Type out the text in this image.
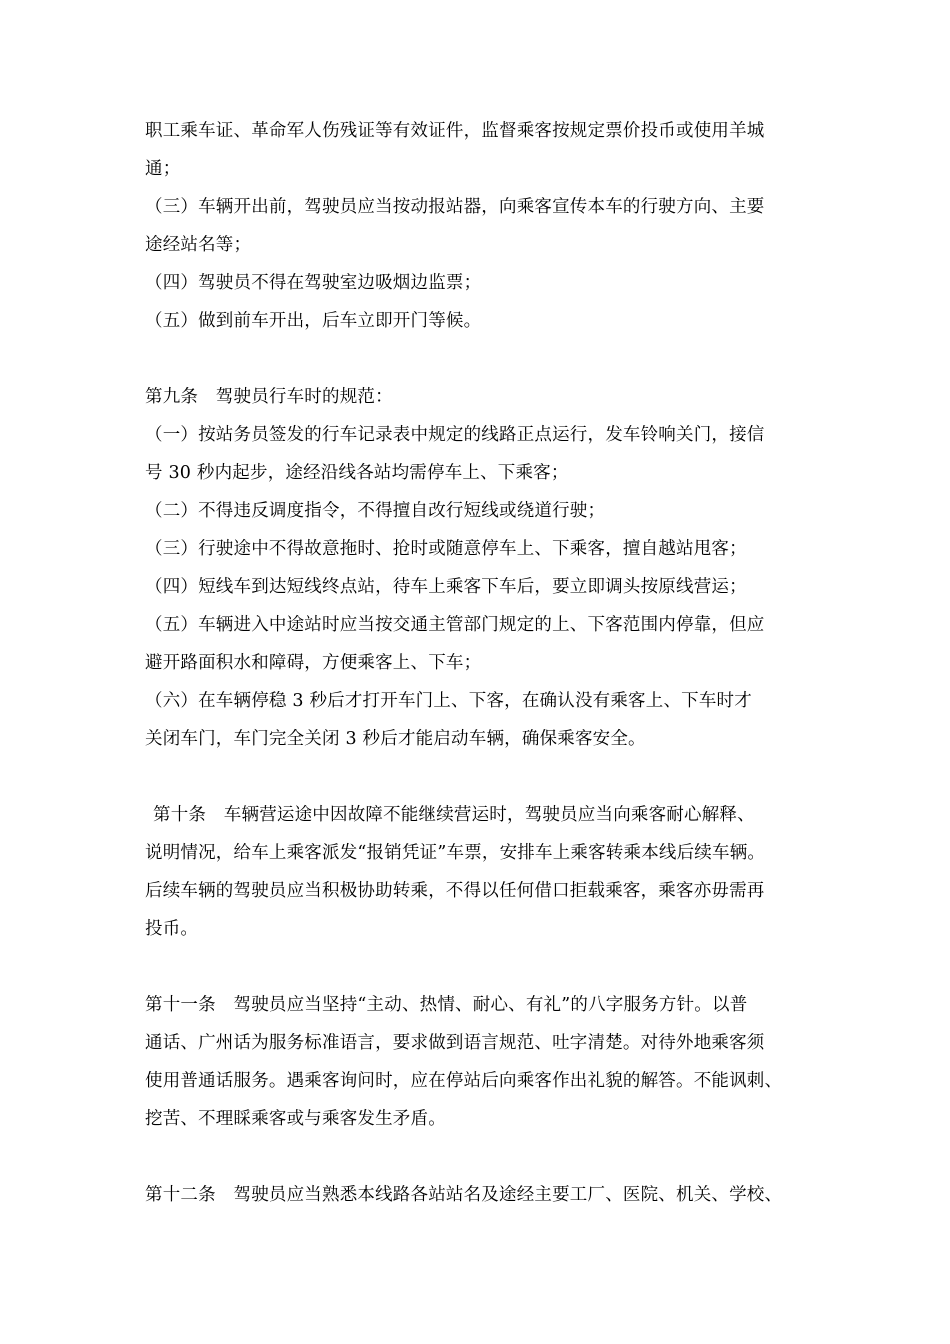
职工乘车证、革命军人伤残证等有效证件，监督乘客按规定票价投币或使用羊城
通；
（三）车辆开出前，驾驶员应当按动报站器，向乘客宣传本车的行驶方向、主要
途经站名等；
（四）驾驶员不得在驾驶室边吸烟边监票；
（五）做到前车开出，后车立即开门等候。
第九条　驾驶员行车时的规范：
（一）按站务员签发的行车记录表中规定的线路正点运行，发车铃响关门，接信
号 30 秒内起步，途经沿线各站均需停车上、下乘客；
（二）不得违反调度指令，不得擅自改行短线或绕道行驶；
（三）行驶途中不得故意拖时、抢时或随意停车上、下乘客，擅自越站甩客；
（四）短线车到达短线终点站，待车上乘客下车后，要立即调头按原线营运；
（五）车辆进入中途站时应当按交通主管部门规定的上、下客范围内停靠，但应
避开路面积水和障碍，方便乘客上、下车；
（六）在车辆停稳 3 秒后才打开车门上、下客，在确认没有乘客上、下车时才
关闭车门，车门完全关闭 3 秒后才能启动车辆，确保乘客安全。
第十条　车辆营运途中因故障不能继续营运时，驾驶员应当向乘客耐心解释、
说明情况，给车上乘客派发“报销凭证”车票，安排车上乘客转乘本线后续车辆。
后续车辆的驾驶员应当积极协助转乘，不得以任何借口拒载乘客，乘客亦毋需再
投币。
第十一条　驾驶员应当坚持“主动、热情、耐心、有礼”的八字服务方针。以普
通话、广州话为服务标准语言，要求做到语言规范、吐字清楚。对待外地乘客须
使用普通话服务。遇乘客询问时，应在停站后向乘客作出礼貌的解答。不能讽刺、
挖苦、不理睬乘客或与乘客发生矛盾。
第十二条　驾驶员应当熟悉本线路各站站名及途经主要工厂、医院、机关、学校、
